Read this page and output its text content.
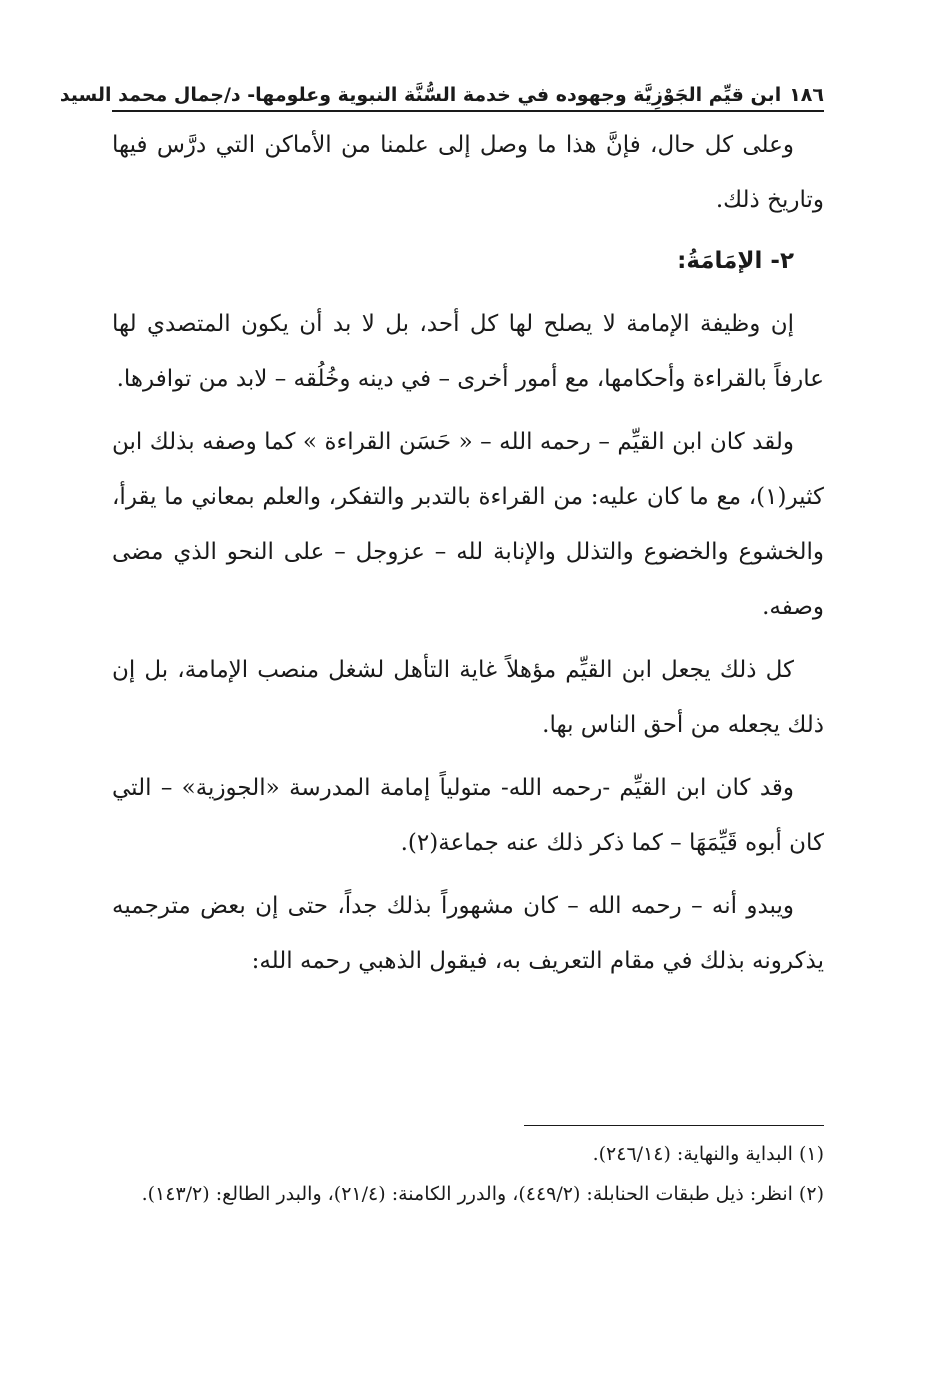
١٨٦
ابن قيِّم الجَوْزِيَّة وجهوده في خدمة السُّنَّة النبوية وعلومها- د/جمال محمد السيد

وعلى كل حال، فإنَّ هذا ما وصل إلى علمنا من الأماكن التي درَّس فيها وتاريخ ذلك.

٢- الإمَامَةُ:

إن وظيفة الإمامة لا يصلح لها كل أحد، بل لا بد أن يكون المتصدي لها عارفاً بالقراءة وأحكامها، مع أمور أخرى – في دينه وخُلُقه – لابد من توافرها.

ولقد كان ابن القيِّم – رحمه الله – « حَسَن القراءة » كما وصفه بذلك ابن كثير(١)، مع ما كان عليه: من القراءة بالتدبر والتفكر، والعلم بمعاني ما يقرأ، والخشوع والخضوع والتذلل والإنابة لله – عزوجل – على النحو الذي مضى وصفه.

كل ذلك يجعل ابن القيِّم مؤهلاً غاية التأهل لشغل منصب الإمامة، بل إن ذلك يجعله من أحق الناس بها.

وقد كان ابن القيِّم -رحمه الله- متولياً إمامة المدرسة «الجوزية» – التي كان أبوه قَيِّمَهَا – كما ذكر ذلك عنه جماعة(٢).

ويبدو أنه – رحمه الله – كان مشهوراً بذلك جداً، حتى إن بعض مترجميه يذكرونه بذلك في مقام التعريف به، فيقول الذهبي رحمه الله:

(١) البداية والنهاية: (٢٤٦/١٤).

(٢) انظر: ذيل طبقات الحنابلة: (٤٤٩/٢)، والدرر الكامنة: (٢١/٤)، والبدر الطالع: (١٤٣/٢).
